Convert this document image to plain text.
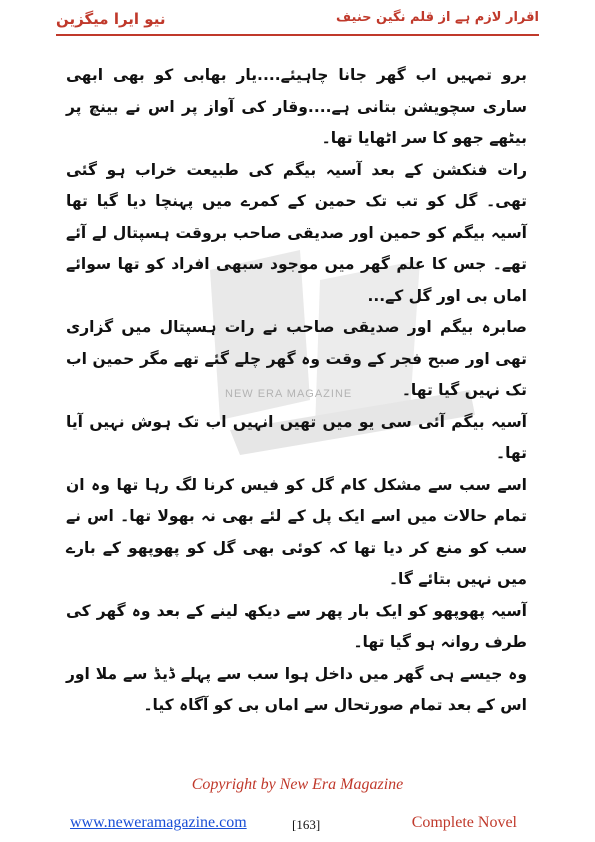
نیو ایرا میگزین	اقرار لازم ہے از قلم نگین حنیف
NEW ERA MAGAZINE

برو تمہیں اب گھر جانا چاہیئے....یار بھابی کو بھی ابھی ساری سچویشن بتانی ہے....وقار کی آواز پر اس نے بینچ پر بیٹھے جھو کا سر اٹھایا تھا۔

رات فنکشن کے بعد آسیہ بیگم کی طبیعت خراب ہو گئی تھی۔ گل کو تب تک حمین کے کمرے میں پہنچا دیا گیا تھا آسیہ بیگم کو حمین اور صدیقی صاحب بروقت ہسپتال لے آئے تھے۔ جس کا علم گھر میں موجود سبھی افراد کو تھا سوائے اماں بی اور گل کے...

صابرہ بیگم اور صدیقی صاحب نے رات ہسپتال میں گزاری تھی اور صبح فجر کے وقت وہ گھر چلے گئے تھے مگر حمین اب تک نہیں گیا تھا۔

آسیہ بیگم آئی سی یو میں تھیں انہیں اب تک ہوش نہیں آیا تھا۔

اسے سب سے مشکل کام گل کو فیس کرنا لگ رہا تھا وہ ان تمام حالات میں اسے ایک پل کے لئے بھی نہ بھولا تھا۔ اس نے سب کو منع کر دیا تھا کہ کوئی بھی گل کو پھوپھو کے بارے میں نہیں بتائے گا۔

آسیہ پھوپھو کو ایک بار پھر سے دیکھ لینے کے بعد وہ گھر کی طرف روانہ ہو گیا تھا۔

وہ جیسے ہی گھر میں داخل ہوا سب سے پہلے ڈیڈ سے ملا اور اس کے بعد تمام صورتحال سے اماں بی کو آگاہ کیا۔

Copyright by New Era Magazine
www.neweramagazine.com	[163]	Complete Novel
